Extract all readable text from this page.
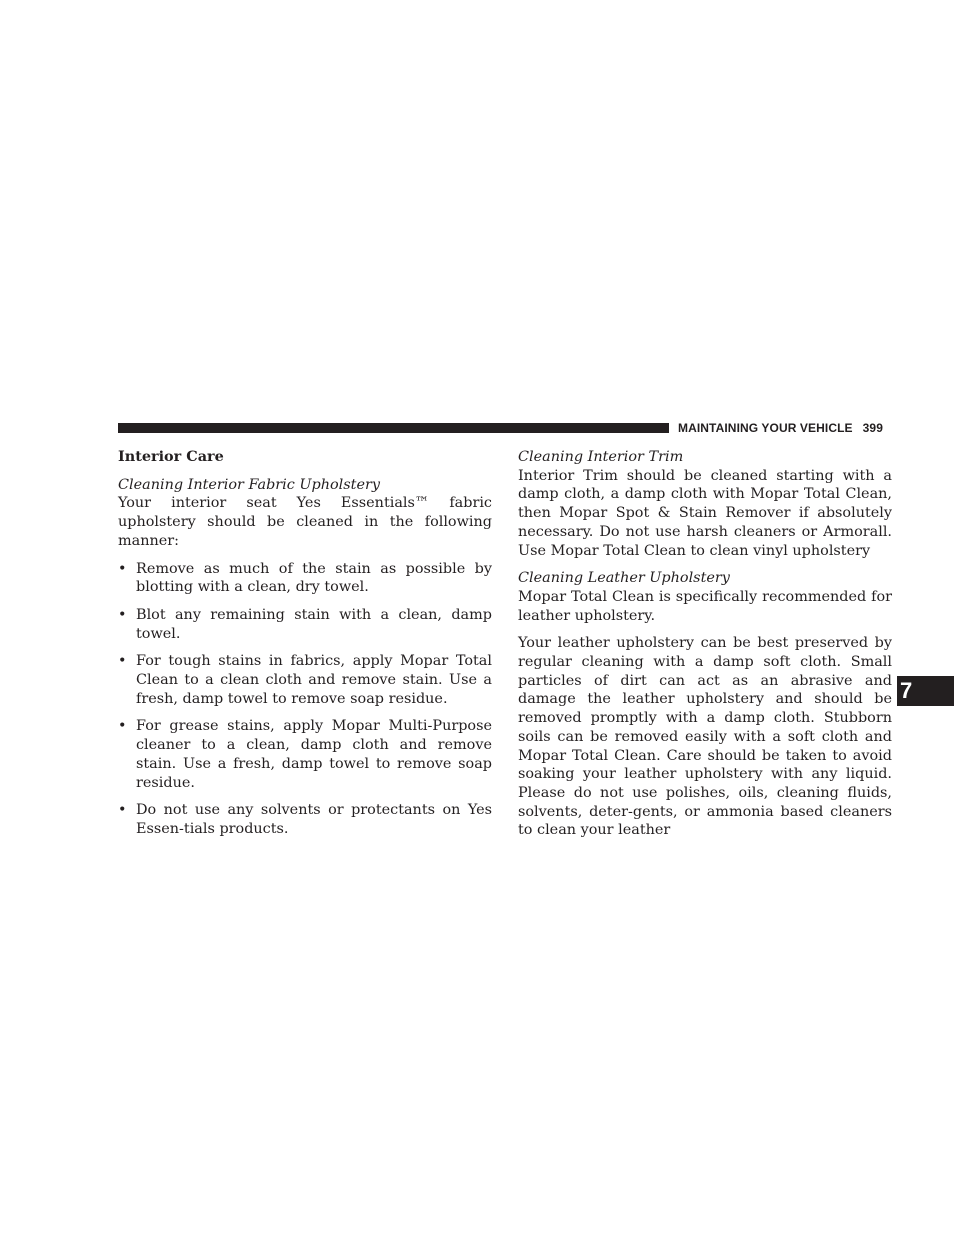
MAINTAINING YOUR VEHICLE 399

Interior Care

Cleaning Interior Fabric Upholstery

Your interior seat Yes Essentials™ fabric upholstery should be cleaned in the following manner:

• Remove as much of the stain as possible by blotting with a clean, dry towel.
• Blot any remaining stain with a clean, damp towel.
• For tough stains in fabrics, apply Mopar Total Clean to a clean cloth and remove stain. Use a fresh, damp towel to remove soap residue.
• For grease stains, apply Mopar Multi-Purpose cleaner to a clean, damp cloth and remove stain. Use a fresh, damp towel to remove soap residue.
• Do not use any solvents or protectants on Yes Essen-tials products.

Cleaning Interior Trim

Interior Trim should be cleaned starting with a damp cloth, a damp cloth with Mopar Total Clean, then Mopar Spot & Stain Remover if absolutely necessary. Do not use harsh cleaners or Armorall. Use Mopar Total Clean to clean vinyl upholstery

Cleaning Leather Upholstery

Mopar Total Clean is specifically recommended for leather upholstery.

Your leather upholstery can be best preserved by regular cleaning with a damp soft cloth. Small particles of dirt can act as an abrasive and damage the leather upholstery and should be removed promptly with a damp cloth. Stubborn soils can be removed easily with a soft cloth and Mopar Total Clean. Care should be taken to avoid soaking your leather upholstery with any liquid. Please do not use polishes, oils, cleaning fluids, solvents, deter-gents, or ammonia based cleaners to clean your leather

7
